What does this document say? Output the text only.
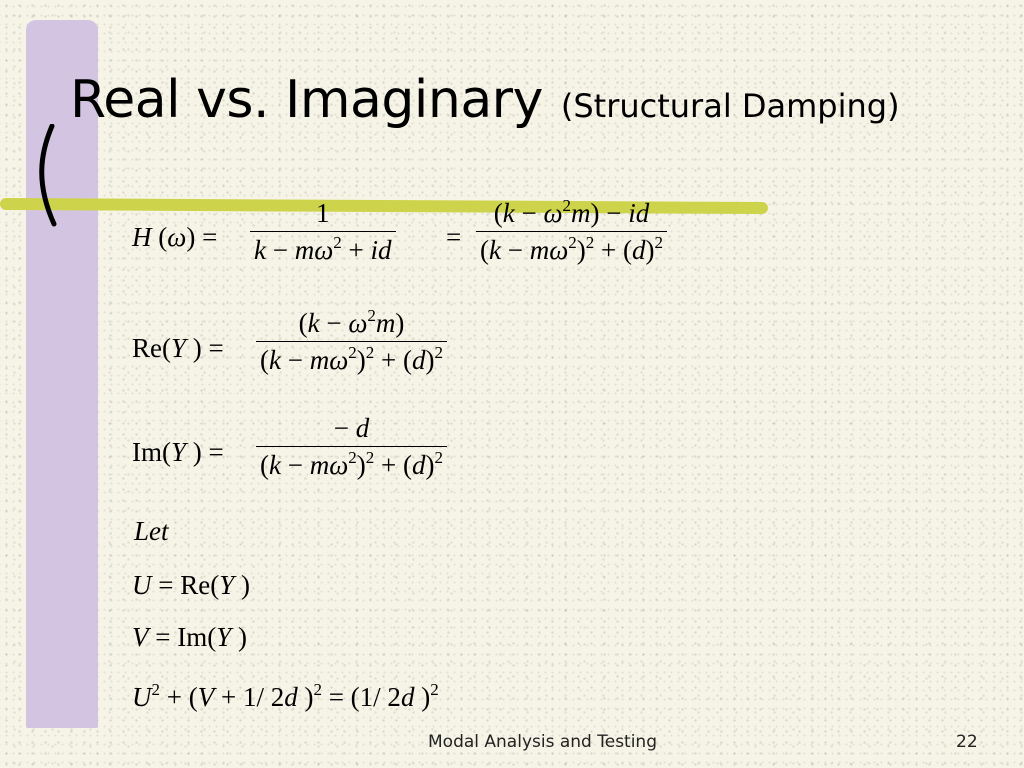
Real vs. Imaginary (Structural Damping)
H $(\omega) = \frac{1}{k - m\omega^2 + id} = \frac{(k - \omega^2m) - id}{(k - m\omega^2)^2 + (d)^2}$
Re(Y ) = $\frac{(k - \omega^2m)}{(k - m\omega^2)^2 + (d)^2}$
Im(Y ) = $\frac{- d}{(k - m\omega^2)^2 + (d)^2}$
Let
U = Re(Y )
V = Im(Y )
$U^2 + (V + 1/$ 2d )$^2$ = (1/ 2d )$^2$
Modal Analysis and Testing	22
